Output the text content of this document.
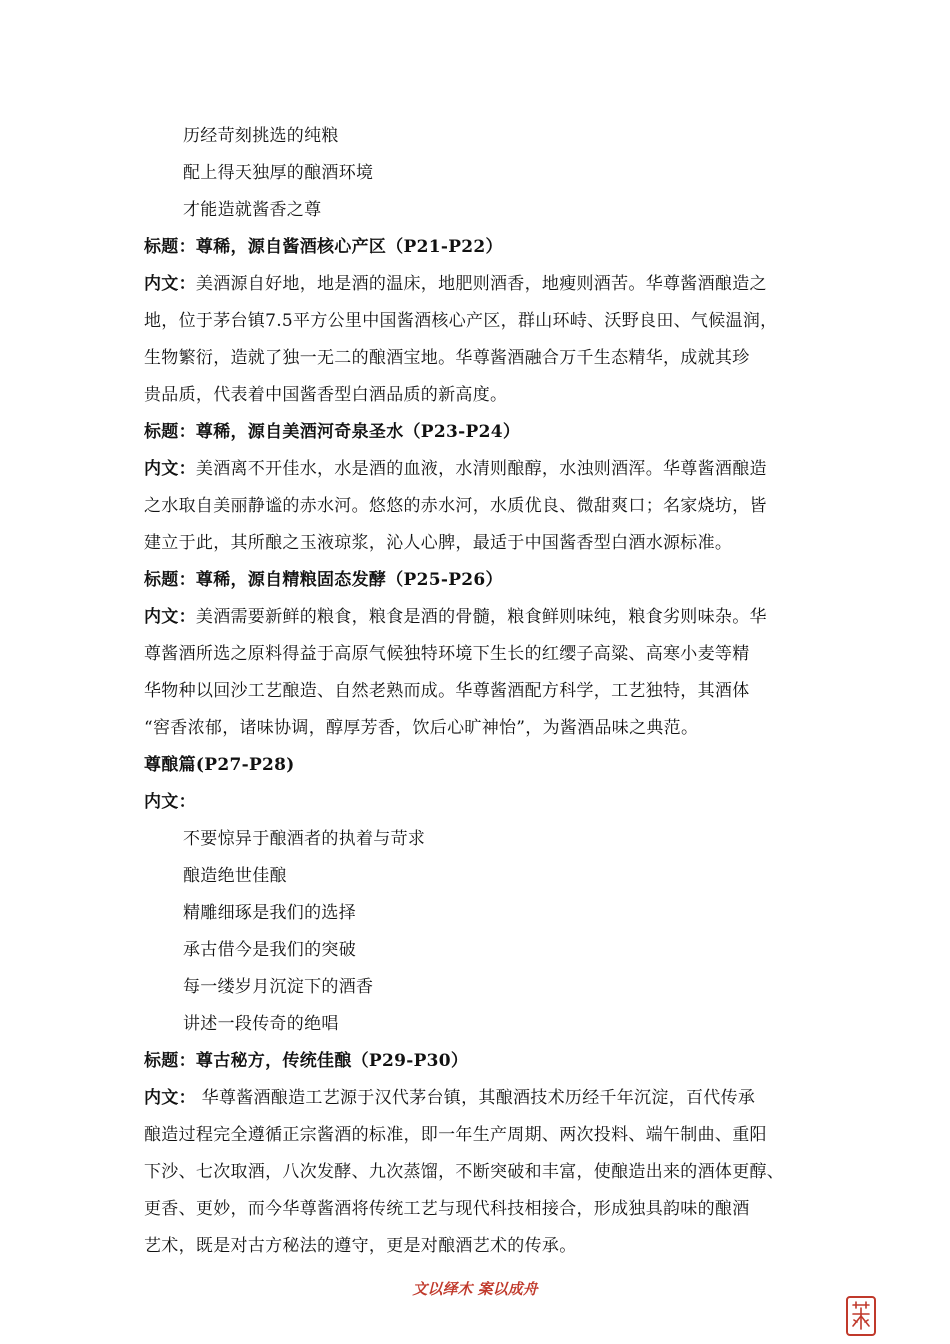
历经苛刻挑选的纯粮
配上得天独厚的酿酒环境
才能造就酱香之尊
标题：尊稀，源自酱酒核心产区（P21-P22）
内文：美酒源自好地，地是酒的温床，地肥则酒香，地瘦则酒苦。华尊酱酒酿造之
地，位于茅台镇7.5平方公里中国酱酒核心产区，群山环峙、沃野良田、气候温润，
生物繁衍，造就了独一无二的酿酒宝地。华尊酱酒融合万千生态精华，成就其珍
贵品质，代表着中国酱香型白酒品质的新高度。
标题：尊稀，源自美酒河奇泉圣水（P23-P24）
内文：美酒离不开佳水，水是酒的血液，水清则酿醇，水浊则酒浑。华尊酱酒酿造
之水取自美丽静谧的赤水河。悠悠的赤水河，水质优良、微甜爽口；名家烧坊，皆
建立于此，其所酿之玉液琼浆，沁人心脾，最适于中国酱香型白酒水源标准。
标题：尊稀，源自精粮固态发酵（P25-P26）
内文：美酒需要新鲜的粮食，粮食是酒的骨髓，粮食鲜则味纯，粮食劣则味杂。华
尊酱酒所选之原料得益于高原气候独特环境下生长的红缨子高粱、高寒小麦等精
华物种以回沙工艺酿造、自然老熟而成。华尊酱酒配方科学，工艺独特，其酒体
“窖香浓郁，诸味协调，醇厚芳香，饮后心旷神怡”，为酱酒品味之典范。
尊酿篇(P27-P28)
内文：
不要惊异于酿酒者的执着与苛求
酿造绝世佳酿
精雕细琢是我们的选择
承古借今是我们的突破
每一缕岁月沉淀下的酒香
讲述一段传奇的绝唱
标题：尊古秘方，传统佳酿（P29-P30）
内文： 华尊酱酒酿造工艺源于汉代茅台镇，其酿酒技术历经千年沉淀，百代传承
酿造过程完全遵循正宗酱酒的标准，即一年生产周期、两次投料、端午制曲、重阳
下沙、七次取酒，八次发酵、九次蒸馏，不断突破和丰富，使酿造出来的酒体更醇、
更香、更妙，而今华尊酱酒将传统工艺与现代科技相接合，形成独具韵味的酿酒
艺术，既是对古方秘法的遵守，更是对酿酒艺术的传承。
文以绎木 案以成舟
